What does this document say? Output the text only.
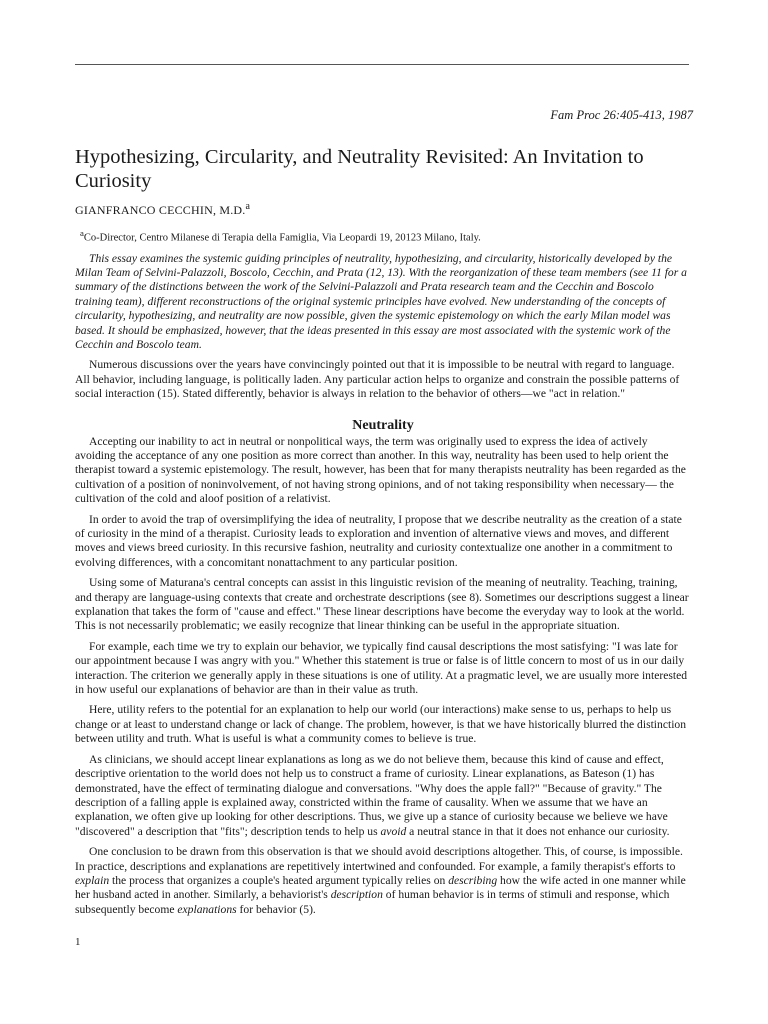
Fam Proc 26:405-413, 1987
Hypothesizing, Circularity, and Neutrality Revisited: An Invitation to Curiosity
GIANFRANCO CECCHIN, M.D.$^a$
$^a$Co-Director, Centro Milanese di Terapia della Famiglia, Via Leopardi 19, 20123 Milano, Italy.

This essay examines the systemic guiding principles of neutrality, hypothesizing, and circularity, historically developed by the Milan Team of Selvini-Palazzoli, Boscolo, Cecchin, and Prata (12, 13). With the reorganization of these team members (see 11 for a summary of the distinctions between the work of the Selvini-Palazzoli and Prata research team and the Cecchin and Boscolo training team), different reconstructions of the original systemic principles have evolved. New understanding of the concepts of circularity, hypothesizing, and neutrality are now possible, given the systemic epistemology on which the early Milan model was based. It should be emphasized, however, that the ideas presented in this essay are most associated with the systemic work of the Cecchin and Boscolo team.

Numerous discussions over the years have convincingly pointed out that it is impossible to be neutral with regard to language. All behavior, including language, is politically laden. Any particular action helps to organize and constrain the possible patterns of social interaction (15). Stated differently, behavior is always in relation to the behavior of others—we "act in relation."

Neutrality

Accepting our inability to act in neutral or nonpolitical ways, the term was originally used to express the idea of actively avoiding the acceptance of any one position as more correct than another. In this way, neutrality has been used to help orient the therapist toward a systemic epistemology. The result, however, has been that for many therapists neutrality has been regarded as the cultivation of a position of noninvolvement, of not having strong opinions, and of not taking responsibility when necessary— the cultivation of the cold and aloof position of a relativist.

In order to avoid the trap of oversimplifying the idea of neutrality, I propose that we describe neutrality as the creation of a state of curiosity in the mind of a therapist. Curiosity leads to exploration and invention of alternative views and moves, and different moves and views breed curiosity. In this recursive fashion, neutrality and curiosity contextualize one another in a commitment to evolving differences, with a concomitant nonattachment to any particular position.

Using some of Maturana's central concepts can assist in this linguistic revision of the meaning of neutrality. Teaching, training, and therapy are language-using contexts that create and orchestrate descriptions (see 8). Sometimes our descriptions suggest a linear explanation that takes the form of "cause and effect." These linear descriptions have become the everyday way to look at the world. This is not necessarily problematic; we easily recognize that linear thinking can be useful in the appropriate situation.

For example, each time we try to explain our behavior, we typically find causal descriptions the most satisfying: "I was late for our appointment because I was angry with you." Whether this statement is true or false is of little concern to most of us in our daily interaction. The criterion we generally apply in these situations is one of utility. At a pragmatic level, we are usually more interested in how useful our explanations of behavior are than in their value as truth.

Here, utility refers to the potential for an explanation to help our world (our interactions) make sense to us, perhaps to help us change or at least to understand change or lack of change. The problem, however, is that we have historically blurred the distinction between utility and truth. What is useful is what a community comes to believe is true.

As clinicians, we should accept linear explanations as long as we do not believe them, because this kind of cause and effect, descriptive orientation to the world does not help us to construct a frame of curiosity. Linear explanations, as Bateson (1) has demonstrated, have the effect of terminating dialogue and conversations. "Why does the apple fall?" "Because of gravity." The description of a falling apple is explained away, constricted within the frame of causality. When we assume that we have an explanation, we often give up looking for other descriptions. Thus, we give up a stance of curiosity because we believe we have "discovered" a description that "fits"; description tends to help us avoid a neutral stance in that it does not enhance our curiosity.

One conclusion to be drawn from this observation is that we should avoid descriptions altogether. This, of course, is impossible. In practice, descriptions and explanations are repetitively intertwined and confounded. For example, a family therapist's efforts to explain the process that organizes a couple's heated argument typically relies on describing how the wife acted in one manner while her husband acted in another. Similarly, a behaviorist's description of human behavior is in terms of stimuli and response, which subsequently become explanations for behavior (5).

1
